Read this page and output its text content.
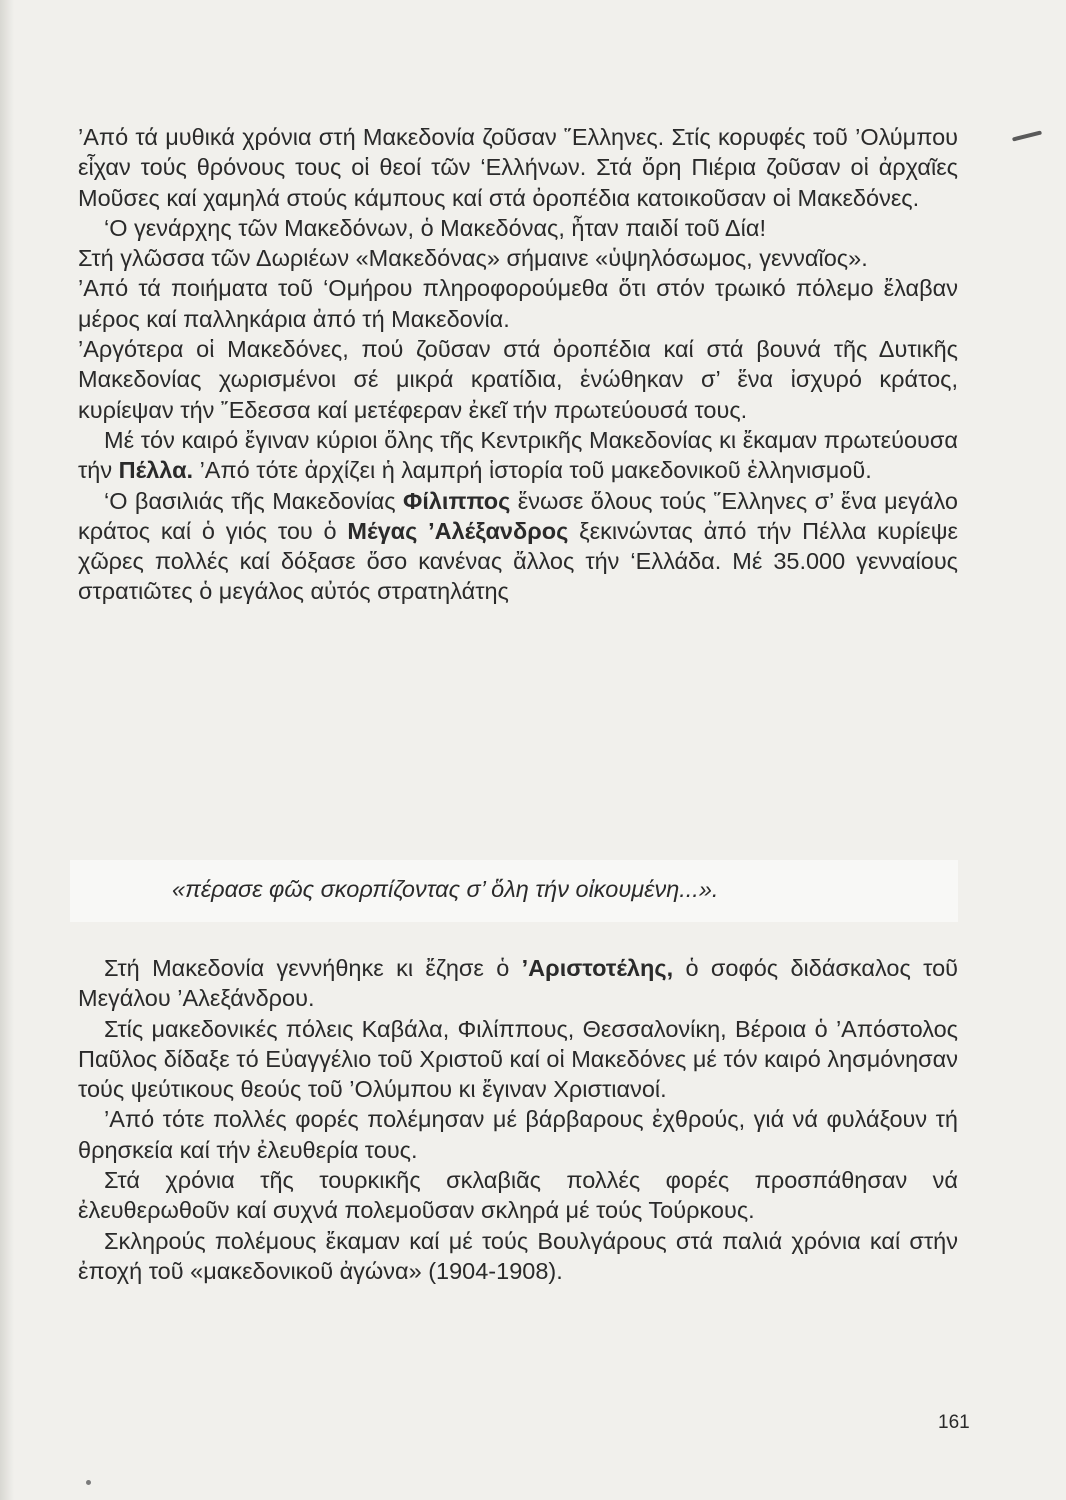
’Από τά μυθικά χρόνια στή Μακεδονία ζοῦσαν ῞Ελληνες. Στίς κορυφές τοῦ ’Ολύμπου εἶχαν τούς θρόνους τους οἱ θεοί τῶν ‘Ελλήνων. Στά ὄρη Πιέρια ζοῦσαν οἱ ἀρχαῖες Μοῦσες καί χαμηλά στούς κάμπους καί στά ὀροπέδια κατοικοῦσαν οἱ Μακεδόνες.

‘Ο γενάρχης τῶν Μακεδόνων, ὁ Μακεδόνας, ἦταν παιδί τοῦ Δία!

Στή γλῶσσα τῶν Δωριέων «Μακεδόνας» σήμαινε «ὑψηλόσωμος, γενναῖος».

’Από τά ποιήματα τοῦ ‘Ομήρου πληροφορούμεθα ὅτι στόν τρωικό πόλεμο ἔλαβαν μέρος καί παλληκάρια ἀπό τή Μακεδονία.

’Αργότερα οἱ Μακεδόνες, πού ζοῦσαν στά ὀροπέδια καί στά βουνά τῆς Δυτικῆς Μακεδονίας χωρισμένοι σέ μικρά κρατίδια, ἑνώθηκαν σ’ ἕνα ἰσχυρό κράτος, κυρίεψαν τήν ῎Εδεσσα καί μετέφεραν ἐκεῖ τήν πρωτεύουσά τους.

Μέ τόν καιρό ἔγιναν κύριοι ὅλης τῆς Κεντρικῆς Μακεδονίας κι ἔκαμαν πρωτεύουσα τήν Πέλλα. ’Από τότε ἀρχίζει ἡ λαμπρή ἱστορία τοῦ μακεδονικοῦ ἑλληνισμοῦ.

‘Ο βασιλιάς τῆς Μακεδονίας Φίλιππος ἕνωσε ὅλους τούς ῞Ελληνες σ’ ἕνα μεγάλο κράτος καί ὁ γιός του ὁ Μέγας ’Αλέξανδρος ξεκινώντας ἀπό τήν Πέλλα κυρίεψε χῶρες πολλές καί δόξασε ὅσο κανένας ἄλλος τήν ‘Ελλάδα. Μέ 35.000 γενναίους στρατιῶτες ὁ μεγάλος αὐτός στρατηλάτης

«πέρασε φῶς σκορπίζοντας σ’ ὅλη τήν οἰκουμένη...».

Στή Μακεδονία γεννήθηκε κι ἔζησε ὁ ’Αριστοτέλης, ὁ σοφός διδάσκαλος τοῦ Μεγάλου ’Αλεξάνδρου.

Στίς μακεδονικές πόλεις Καβάλα, Φιλίππους, Θεσσαλονίκη, Βέροια ὁ ’Απόστολος Παῦλος δίδαξε τό Εὐαγγέλιο τοῦ Χριστοῦ καί οἱ Μακεδόνες μέ τόν καιρό λησμόνησαν τούς ψεύτικους θεούς τοῦ ’Ολύμπου κι ἔγιναν Χριστιανοί.

’Από τότε πολλές φορές πολέμησαν μέ βάρβαρους ἐχθρούς, γιά νά φυλάξουν τή θρησκεία καί τήν ἐλευθερία τους.

Στά χρόνια τῆς τουρκικῆς σκλαβιᾶς πολλές φορές προσπάθησαν νά ἐλευθερωθοῦν καί συχνά πολεμοῦσαν σκληρά μέ τούς Τούρκους.

Σκληρούς πολέμους ἔκαμαν καί μέ τούς Βουλγάρους στά παλιά χρόνια καί στήν ἐποχή τοῦ «μακεδονικοῦ ἀγώνα» (1904-1908).

161
